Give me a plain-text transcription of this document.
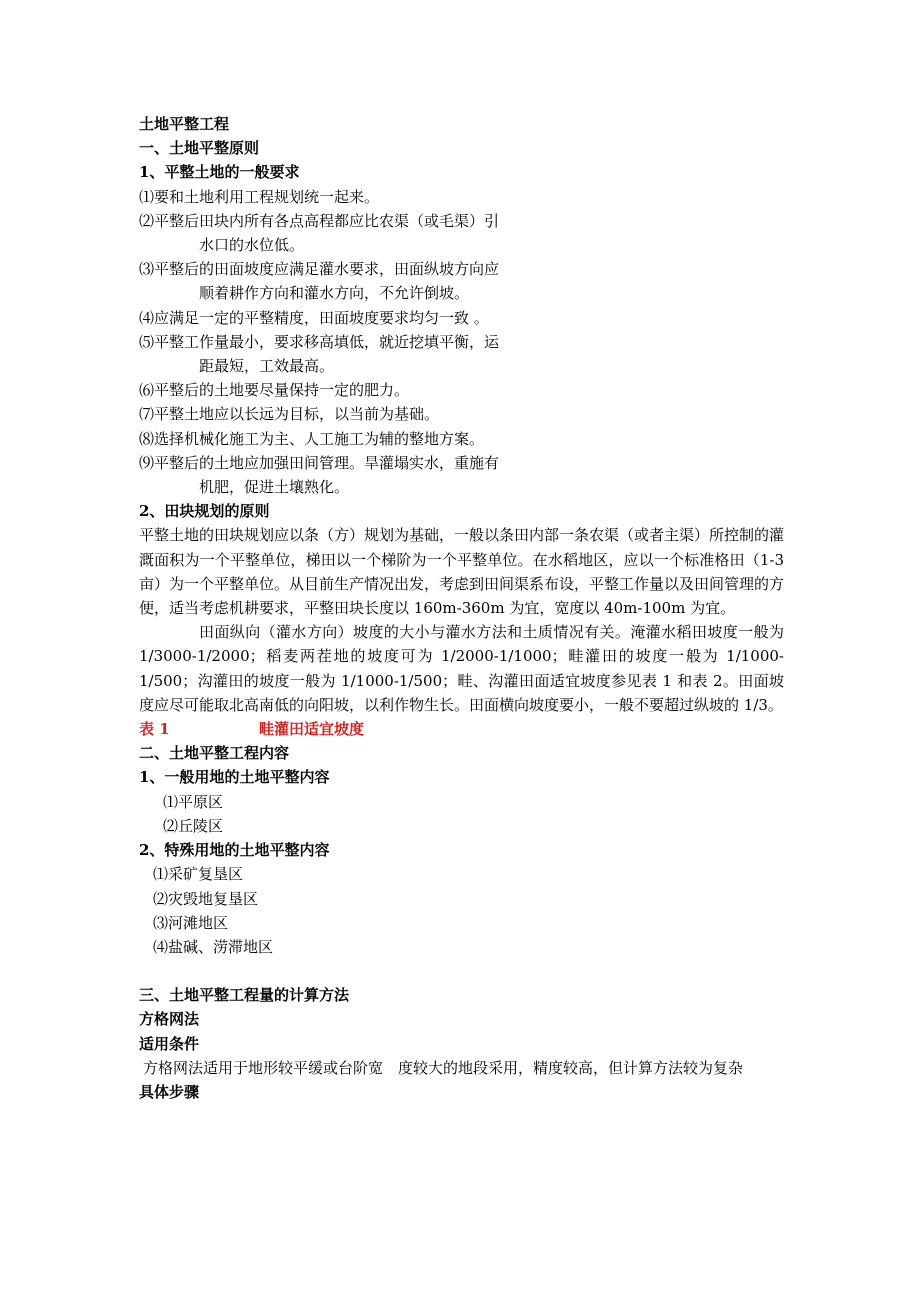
土地平整工程
一、土地平整原则
1、平整土地的一般要求
⑴要和土地利用工程规划统一起来。
⑵平整后田块内所有各点高程都应比农渠（或毛渠）引
水口的水位低。
⑶平整后的田面坡度应满足灌水要求，田面纵坡方向应
顺着耕作方向和灌水方向，不允许倒坡。
⑷应满足一定的平整精度，田面坡度要求均匀一致 。
⑸平整工作量最小，要求移高填低，就近挖填平衡，运
距最短，工效最高。
⑹平整后的土地要尽量保持一定的肥力。
⑺平整土地应以长远为目标，以当前为基础。
⑻选择机械化施工为主、人工施工为辅的整地方案。
⑼平整后的土地应加强田间管理。旱灌塌实水，重施有
机肥，促进土壤熟化。
2、田块规划的原则
平整土地的田块规划应以条（方）规划为基础，一般以条田内部一条农渠（或者主渠）所控制的灌溉面积为一个平整单位，梯田以一个梯阶为一个平整单位。在水稻地区，应以一个标准格田（1-3 亩）为一个平整单位。从目前生产情况出发，考虑到田间渠系布设，平整工作量以及田间管理的方便，适当考虑机耕要求，平整田块长度以 160m-360m 为宜，宽度以 40m-100m 为宜。
田面纵向（灌水方向）坡度的大小与灌水方法和土质情况有关。淹灌水稻田坡度一般为 1/3000-1/2000；稻麦两茬地的坡度可为 1/2000-1/1000；畦灌田的坡度一般为 1/1000-1/500；沟灌田的坡度一般为 1/1000-1/500；畦、沟灌田面适宜坡度参见表 1 和表 2。田面坡度应尽可能取北高南低的向阳坡，以利作物生长。田面横向坡度要小，一般不要超过纵坡的 1/3。
表 1	畦灌田适宜坡度
二、土地平整工程内容
1、一般用地的土地平整内容
⑴平原区
⑵丘陵区
2、特殊用地的土地平整内容
⑴采矿复垦区
⑵灾毁地复垦区
⑶河滩地区
⑷盐碱、涝滞地区
三、土地平整工程量的计算方法
方格网法
适用条件
方格网法适用于地形较平缓或台阶宽　度较大的地段采用，精度较高，但计算方法较为复杂
具体步骤
